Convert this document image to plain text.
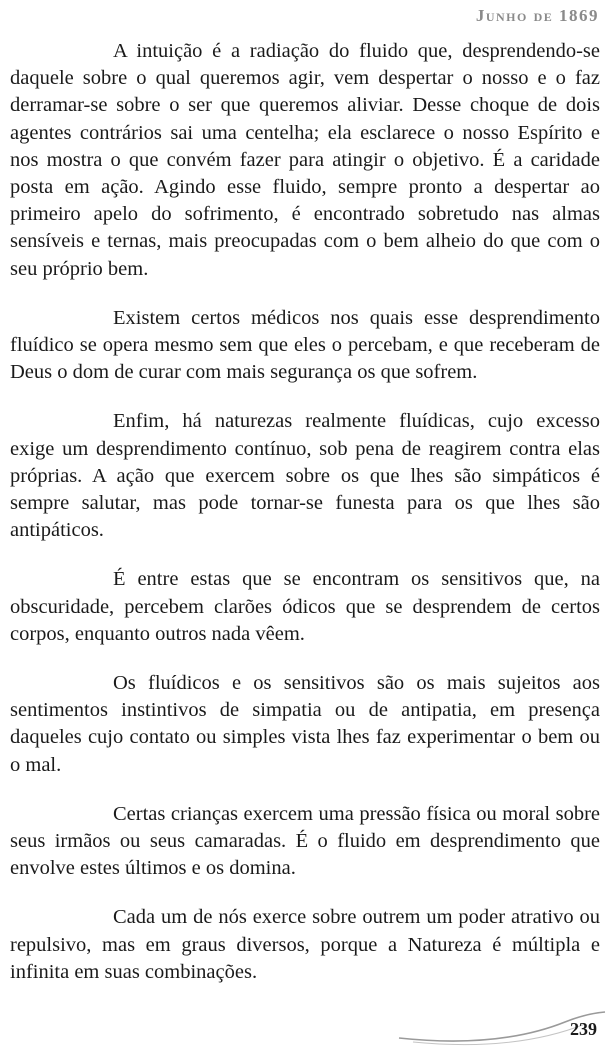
Junho de 1869

A intuição é a radiação do fluido que, desprendendo-se daquele sobre o qual queremos agir, vem despertar o nosso e o faz derramar-se sobre o ser que queremos aliviar. Desse choque de dois agentes contrários sai uma centelha; ela esclarece o nosso Espírito e nos mostra o que convém fazer para atingir o objetivo. É a caridade posta em ação. Agindo esse fluido, sempre pronto a despertar ao primeiro apelo do sofrimento, é encontrado sobretudo nas almas sensíveis e ternas, mais preocupadas com o bem alheio do que com o seu próprio bem.

Existem certos médicos nos quais esse desprendimento fluídico se opera mesmo sem que eles o percebam, e que receberam de Deus o dom de curar com mais segurança os que sofrem.

Enfim, há naturezas realmente fluídicas, cujo excesso exige um desprendimento contínuo, sob pena de reagirem contra elas próprias. A ação que exercem sobre os que lhes são simpáticos é sempre salutar, mas pode tornar-se funesta para os que lhes são antipáticos.

É entre estas que se encontram os sensitivos que, na obscuridade, percebem clarões ódicos que se desprendem de certos corpos, enquanto outros nada vêem.

Os fluídicos e os sensitivos são os mais sujeitos aos sentimentos instintivos de simpatia ou de antipatia, em presença daqueles cujo contato ou simples vista lhes faz experimentar o bem ou o mal.

Certas crianças exercem uma pressão física ou moral sobre seus irmãos ou seus camaradas. É o fluido em desprendimento que envolve estes últimos e os domina.

Cada um de nós exerce sobre outrem um poder atrativo ou repulsivo, mas em graus diversos, porque a Natureza é múltipla e infinita em suas combinações.

239
